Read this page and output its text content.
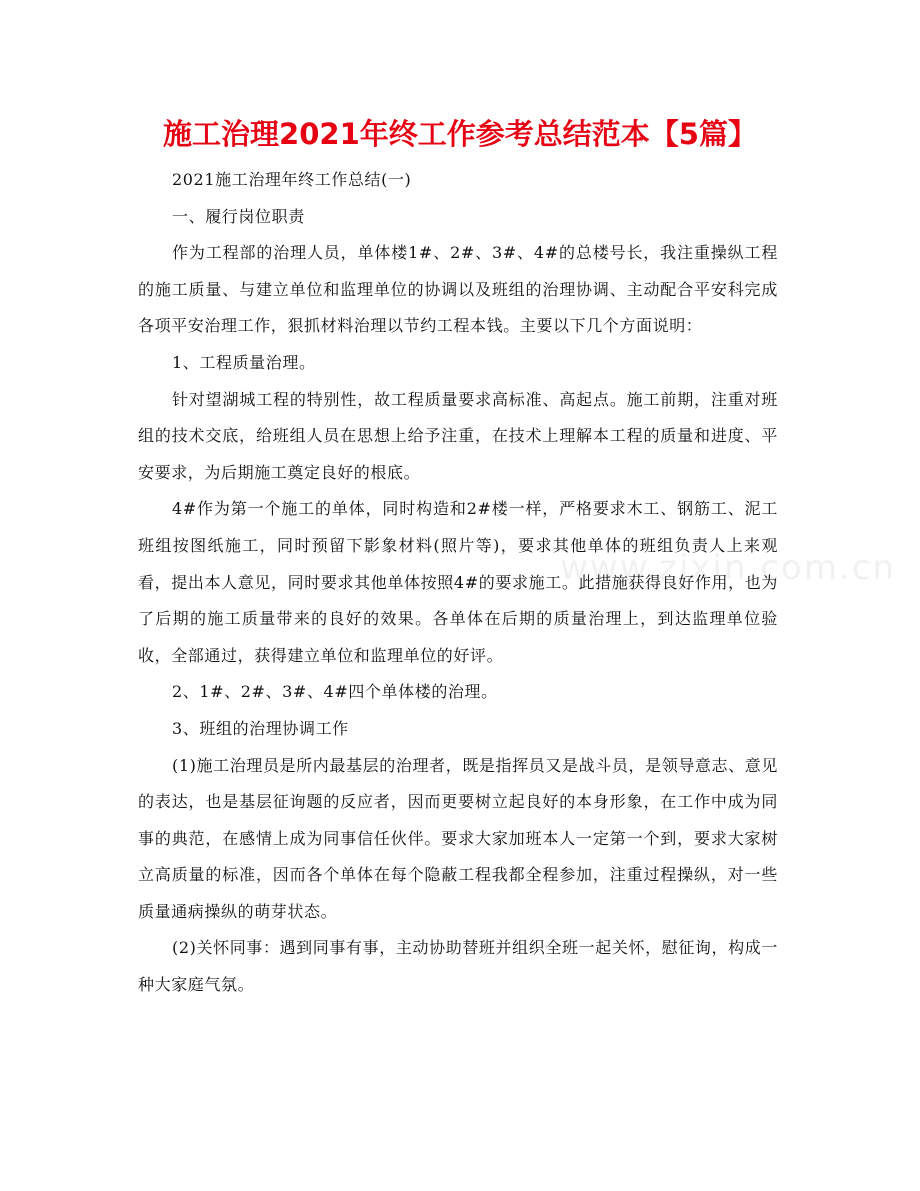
www.zixin.com.cn
施工治理2021年终工作参考总结范本【5篇】

2021施工治理年终工作总结(一)

一、履行岗位职责

作为工程部的治理人员，单体楼1#、2#、3#、4#的总楼号长，我注重操纵工程的施工质量、与建立单位和监理单位的协调以及班组的治理协调、主动配合平安科完成各项平安治理工作，狠抓材料治理以节约工程本钱。主要以下几个方面说明：

1、工程质量治理。

针对望湖城工程的特别性，故工程质量要求高标准、高起点。施工前期，注重对班组的技术交底，给班组人员在思想上给予注重，在技术上理解本工程的质量和进度、平安要求，为后期施工奠定良好的根底。

4#作为第一个施工的单体，同时构造和2#楼一样，严格要求木工、钢筋工、泥工班组按图纸施工，同时预留下影象材料(照片等)，要求其他单体的班组负责人上来观看，提出本人意见，同时要求其他单体按照4#的要求施工。此措施获得良好作用，也为了后期的施工质量带来的良好的效果。各单体在后期的质量治理上，到达监理单位验收，全部通过，获得建立单位和监理单位的好评。

2、1#、2#、3#、4#四个单体楼的治理。

3、班组的治理协调工作

(1)施工治理员是所内最基层的治理者，既是指挥员又是战斗员，是领导意志、意见的表达，也是基层征询题的反应者，因而更要树立起良好的本身形象，在工作中成为同事的典范，在感情上成为同事信任伙伴。要求大家加班本人一定第一个到，要求大家树立高质量的标准，因而各个单体在每个隐蔽工程我都全程参加，注重过程操纵，对一些质量通病操纵的萌芽状态。

(2)关怀同事：遇到同事有事，主动协助替班并组织全班一起关怀，慰征询，构成一种大家庭气氛。
